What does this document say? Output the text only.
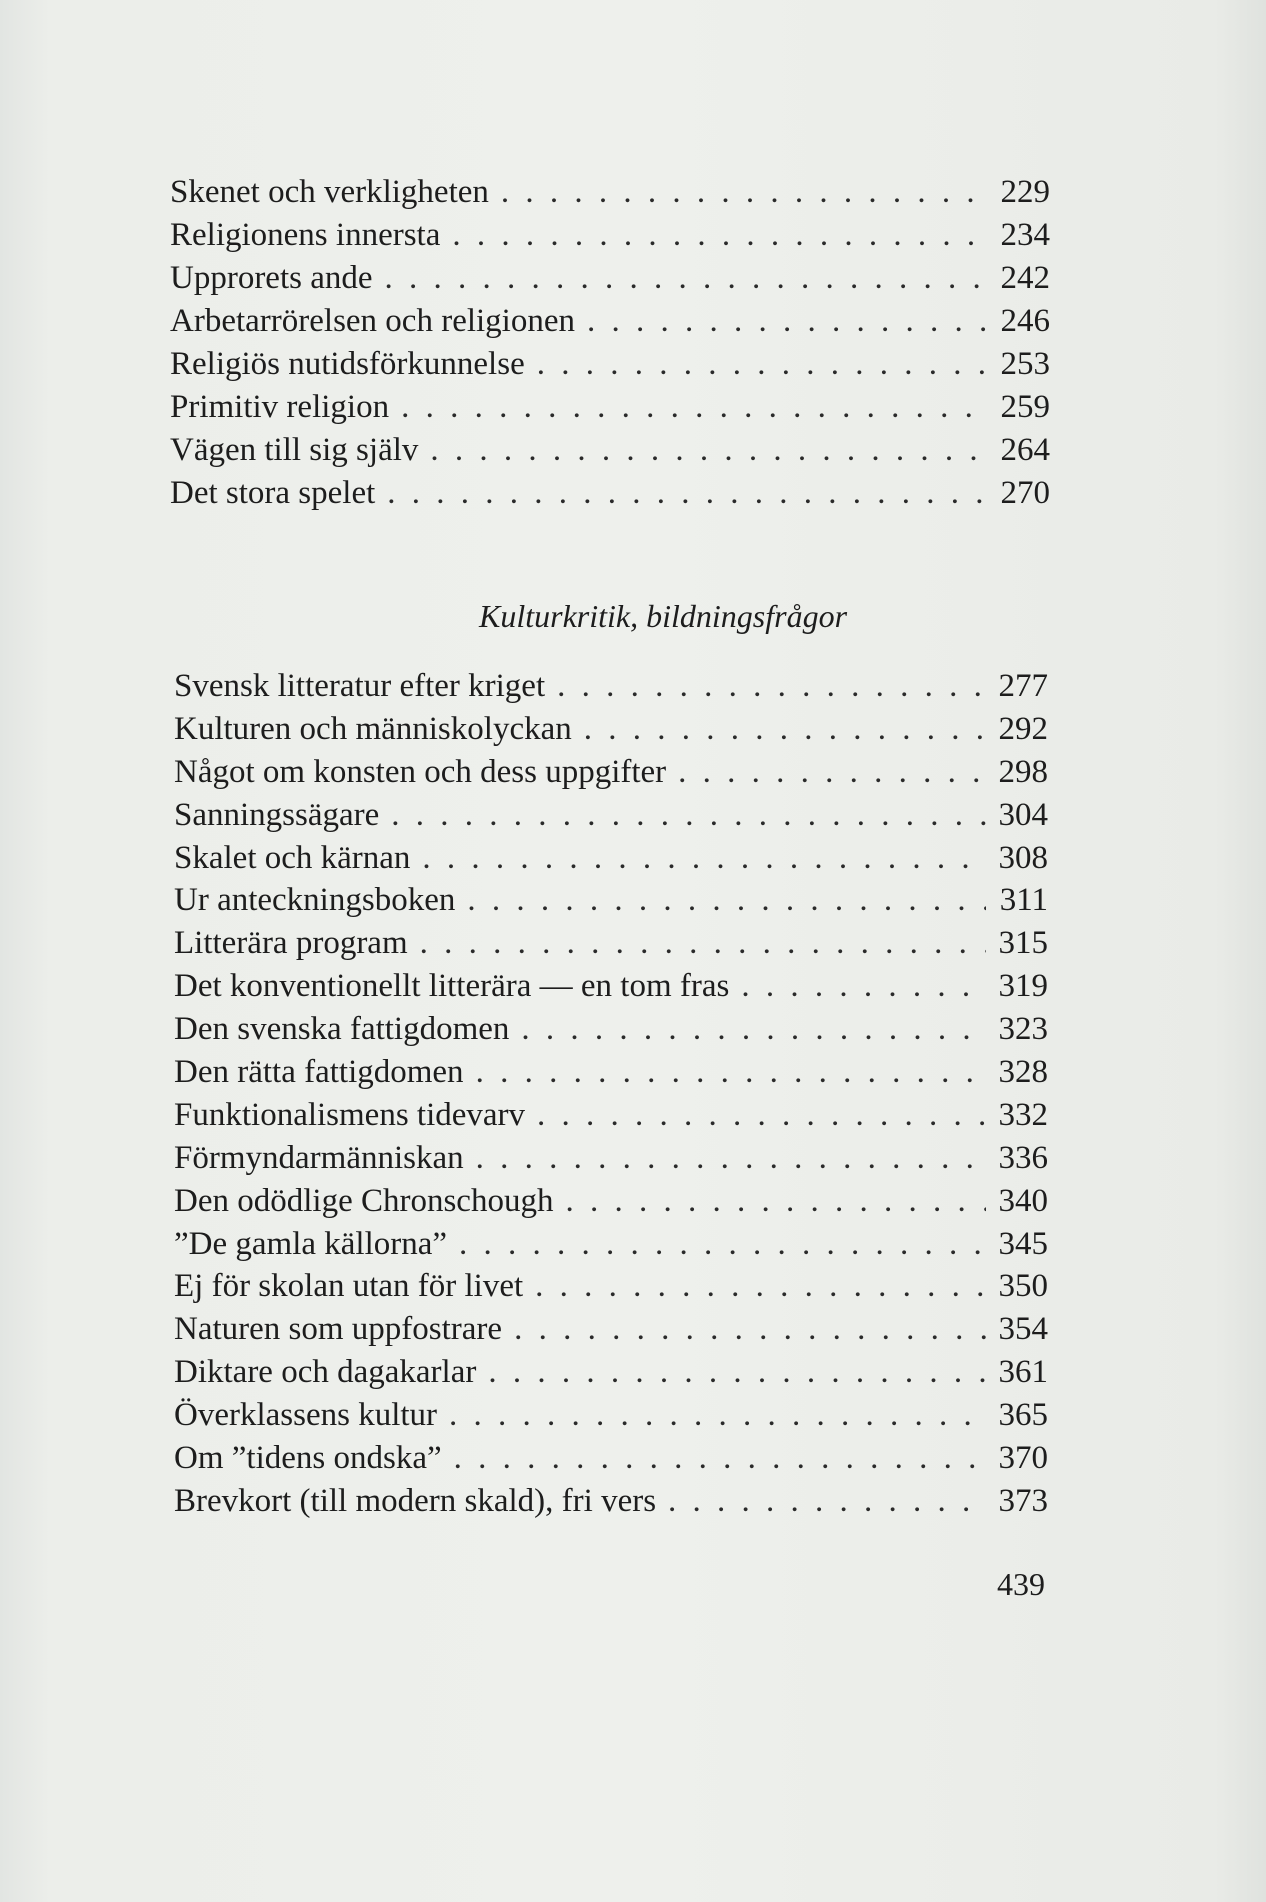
Skenet och verkligheten . . .	229
Religionens innersta . . .	234
Upprorets ande . . .	242
Arbetarrörelsen och religionen . . .	246
Religiös nutidsförkunnelse . . .	253
Primitiv religion . . .	259
Vägen till sig själv . . .	264
Det stora spelet . . .	270
Kulturkritik, bildningsfrågor
Svensk litteratur efter kriget . . .	277
Kulturen och människolyckan . . .	292
Något om konsten och dess uppgifter . . .	298
Sanningssägare . . .	304
Skalet och kärnan . . .	308
Ur anteckningsboken . . .	311
Litterära program . . .	315
Det konventionellt litterära — en tom fras . . .	319
Den svenska fattigdomen . . .	323
Den rätta fattigdomen . . .	328
Funktionalismens tidevarv . . .	332
Förmyndarmänniskan . . .	336
Den odödlige Chronschough . . .	340
”De gamla källorna” . . .	345
Ej för skolan utan för livet . . .	350
Naturen som uppfostrare . . .	354
Diktare och dagakarlar . . .	361
Överklassens kultur . . .	365
Om ”tidens ondska” . . .	370
Brevkort (till modern skald), fri vers . . .	373
439
